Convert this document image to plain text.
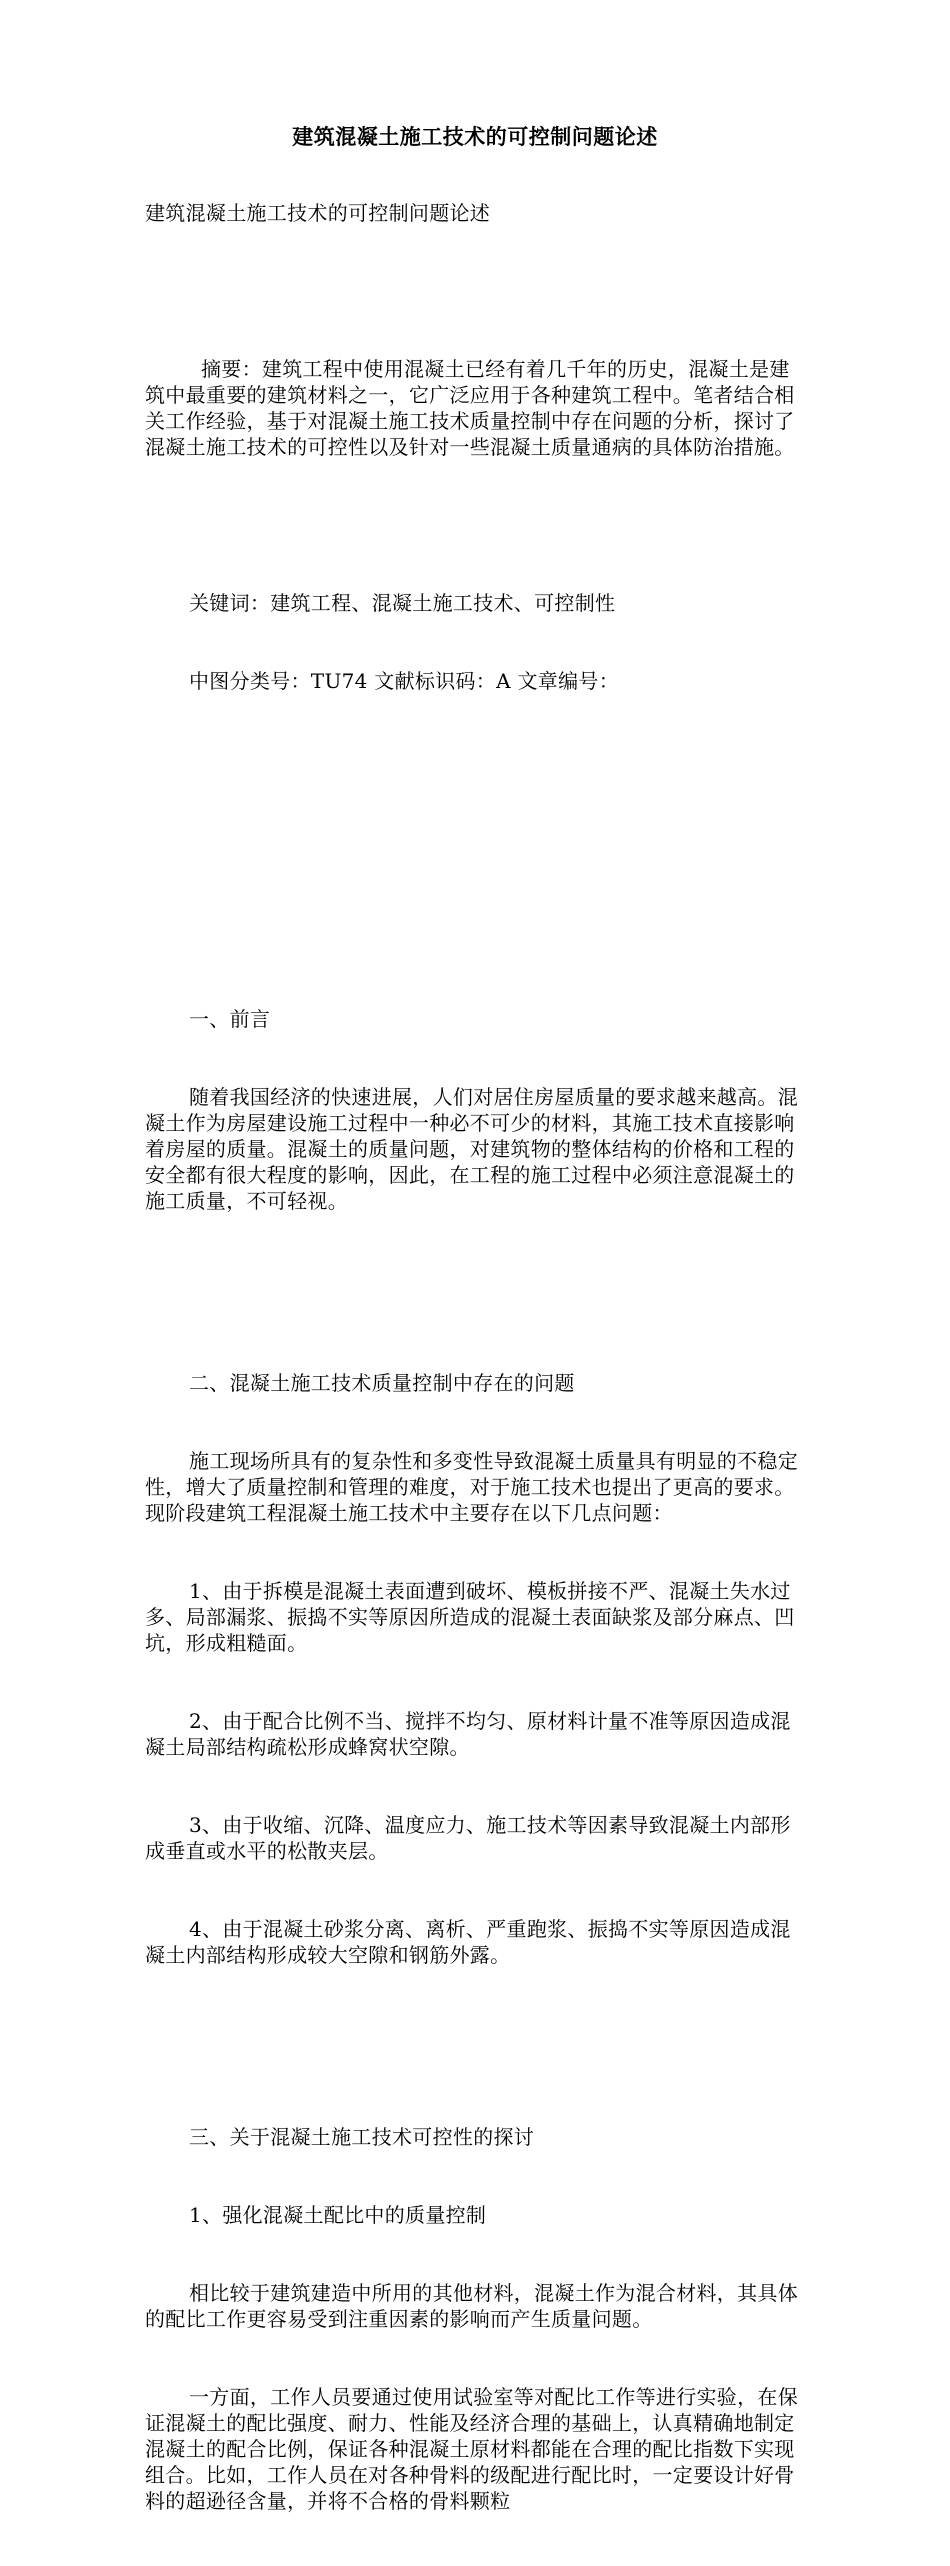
建筑混凝土施工技术的可控制问题论述

建筑混凝土施工技术的可控制问题论述

摘要：建筑工程中使用混凝土已经有着几千年的历史，混凝土是建筑中最重要的建筑材料之一，它广泛应用于各种建筑工程中。笔者结合相关工作经验，基于对混凝土施工技术质量控制中存在问题的分析，探讨了混凝土施工技术的可控性以及针对一些混凝土质量通病的具体防治措施。

关键词：建筑工程、混凝土施工技术、可控制性

中图分类号：TU74 文献标识码：A 文章编号：

一、前言

随着我国经济的快速进展，人们对居住房屋质量的要求越来越高。混凝土作为房屋建设施工过程中一种必不可少的材料，其施工技术直接影响着房屋的质量。混凝土的质量问题，对建筑物的整体结构的价格和工程的安全都有很大程度的影响，因此，在工程的施工过程中必须注意混凝土的施工质量，不可轻视。

二、混凝土施工技术质量控制中存在的问题

施工现场所具有的复杂性和多变性导致混凝土质量具有明显的不稳定性，增大了质量控制和管理的难度，对于施工技术也提出了更高的要求。现阶段建筑工程混凝土施工技术中主要存在以下几点问题：

1、由于拆模是混凝土表面遭到破坏、模板拼接不严、混凝土失水过多、局部漏浆、振捣不实等原因所造成的混凝土表面缺浆及部分麻点、凹坑，形成粗糙面。

2、由于配合比例不当、搅拌不均匀、原材料计量不准等原因造成混凝土局部结构疏松形成蜂窝状空隙。

3、由于收缩、沉降、温度应力、施工技术等因素导致混凝土内部形成垂直或水平的松散夹层。

4、由于混凝土砂浆分离、离析、严重跑浆、振捣不实等原因造成混凝土内部结构形成较大空隙和钢筋外露。

三、关于混凝土施工技术可控性的探讨

1、强化混凝土配比中的质量控制

相比较于建筑建造中所用的其他材料，混凝土作为混合材料，其具体的配比工作更容易受到注重因素的影响而产生质量问题。

一方面，工作人员要通过使用试验室等对配比工作等进行实验，在保证混凝土的配比强度、耐力、性能及经济合理的基础上，认真精确地制定混凝土的配合比例，保证各种混凝土原材料都能在合理的配比指数下实现组合。比如，工作人员在对各种骨料的级配进行配比时，一定要设计好骨料的超逊径含量，并将不合格的骨料颗粒
